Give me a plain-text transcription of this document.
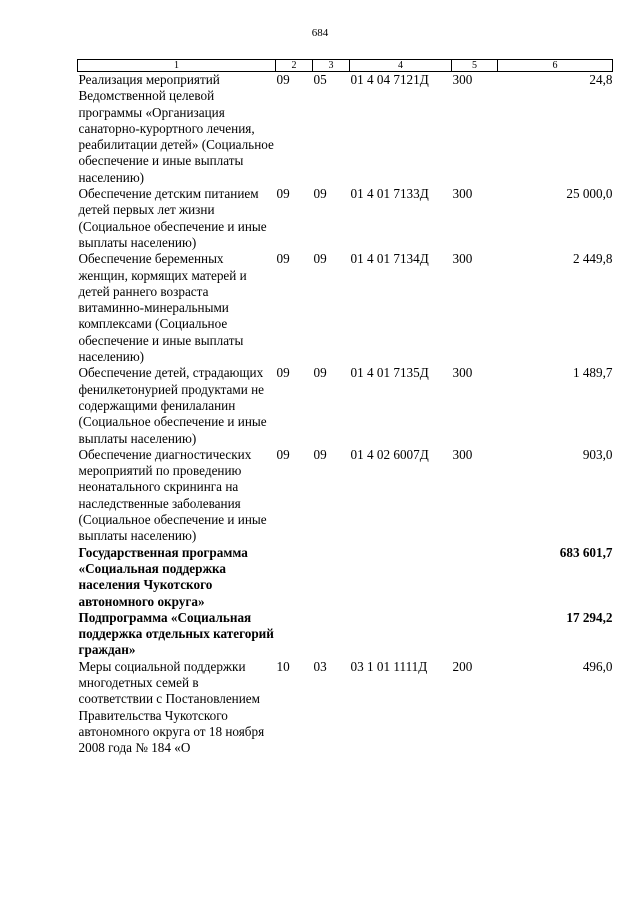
684
1	2	3	4	5	6
Реализация мероприятий Ведомственной целевой программы «Организация санаторно-курортного лечения, реабилитации детей» (Социальное обеспечение и иные выплаты населению)	09	05	01 4 04 7121Д	300	24,8
Обеспечение детским питанием детей первых лет жизни (Социальное обеспечение и иные выплаты населению)	09	09	01 4 01 7133Д	300	25 000,0
Обеспечение беременных женщин, кормящих матерей и детей раннего возраста витаминно-минеральными комплексами (Социальное обеспечение и иные выплаты населению)	09	09	01 4 01 7134Д	300	2 449,8
Обеспечение детей, страдающих фенилкетонурией продуктами не содержащими фенилаланин (Социальное обеспечение и иные выплаты населению)	09	09	01 4 01 7135Д	300	1 489,7
Обеспечение диагностических мероприятий по проведению неонатального скрининга на наследственные заболевания (Социальное обеспечение и иные выплаты населению)	09	09	01 4 02 6007Д	300	903,0
Государственная программа «Социальная поддержка населения Чукотского автономного округа»					683 601,7
Подпрограмма «Социальная поддержка отдельных категорий граждан»					17 294,2
Меры социальной поддержки многодетных семей в соответствии с Постановлением Правительства Чукотского автономного округа от 18 ноября 2008 года № 184 «О	10	03	03 1 01 1111Д	200	496,0
